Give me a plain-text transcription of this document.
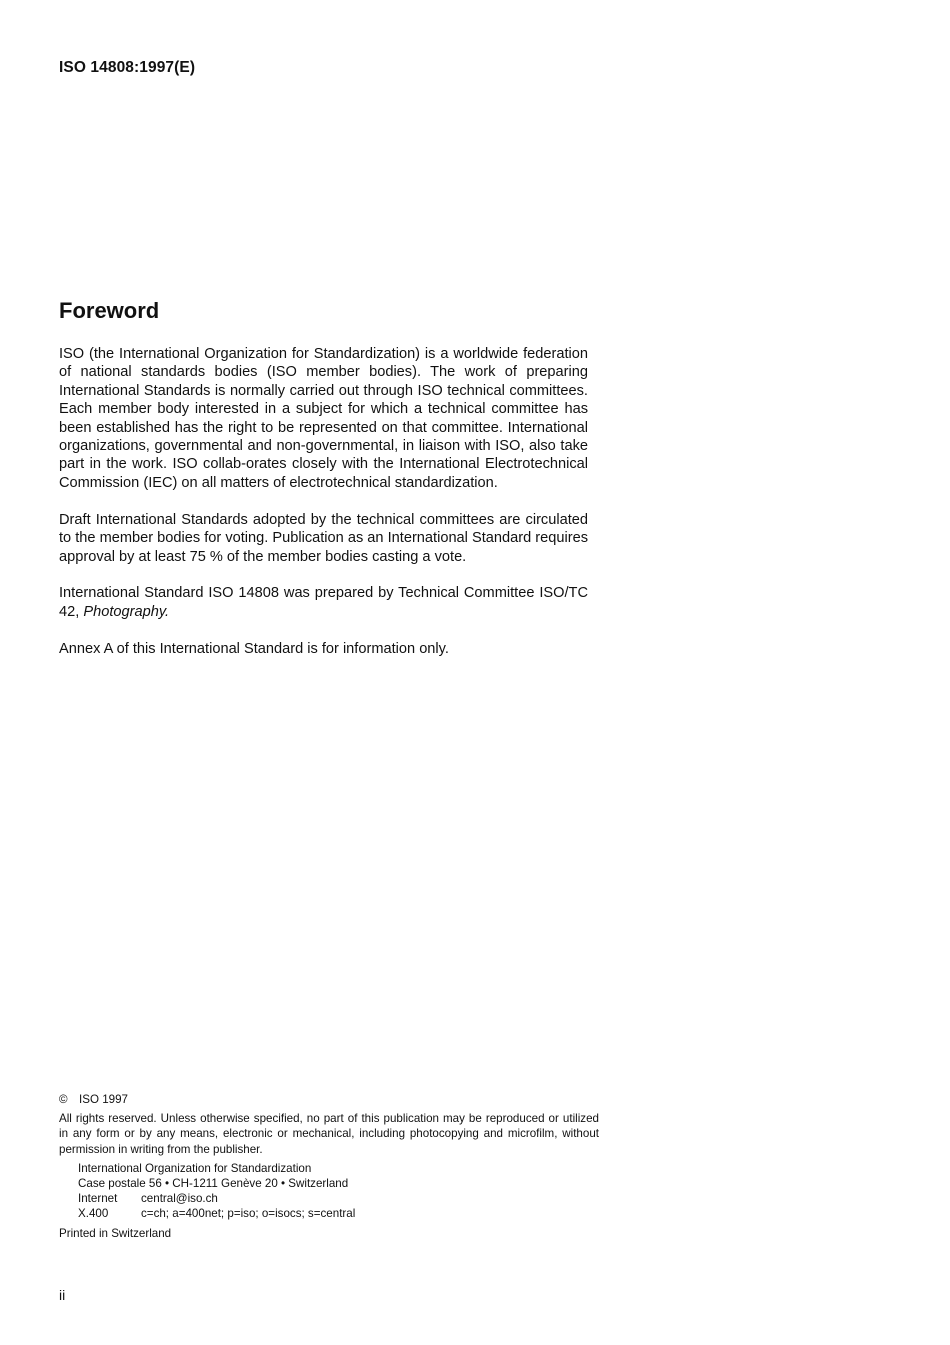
ISO 14808:1997(E)
Foreword

ISO (the International Organization for Standardization) is a worldwide federation of national standards bodies (ISO member bodies). The work of preparing International Standards is normally carried out through ISO technical committees. Each member body interested in a subject for which a technical committee has been established has the right to be represented on that committee. International organizations, governmental and non-governmental, in liaison with ISO, also take part in the work. ISO collab-orates closely with the International Electrotechnical Commission (IEC) on all matters of electrotechnical standardization.

Draft International Standards adopted by the technical committees are circulated to the member bodies for voting. Publication as an International Standard requires approval by at least 75 % of the member bodies casting a vote.

International Standard ISO 14808 was prepared by Technical Committee ISO/TC 42, Photography.

Annex A of this International Standard is for information only.

© ISO 1997
All rights reserved. Unless otherwise specified, no part of this publication may be reproduced or utilized in any form or by any means, electronic or mechanical, including photocopying and microfilm, without permission in writing from the publisher.
International Organization for Standardization
Case postale 56 • CH-1211 Genève 20 • Switzerland
Internet	central@iso.ch
X.400	c=ch; a=400net; p=iso; o=isocs; s=central
Printed in Switzerland
ii
